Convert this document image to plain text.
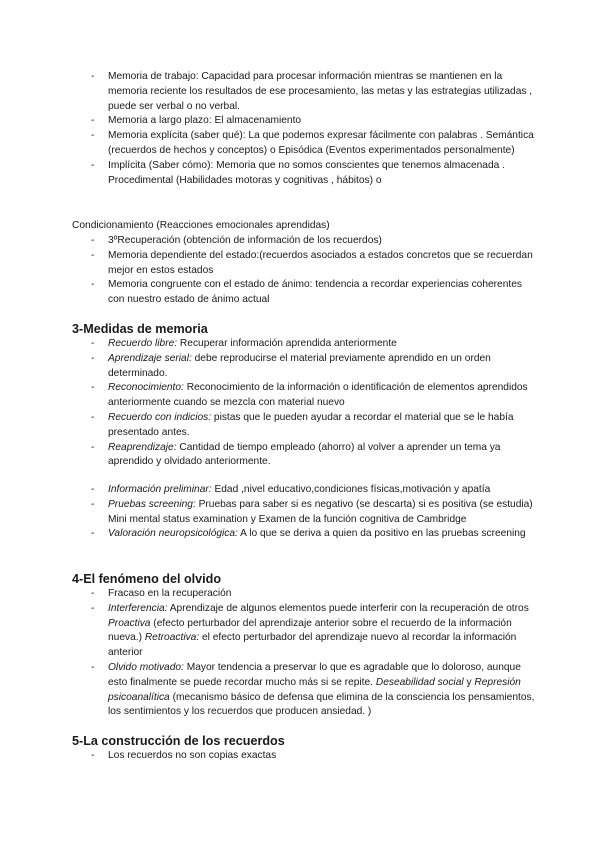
- Memoria de trabajo: Capacidad para procesar información mientras se mantienen en la memoria reciente los resultados de ese procesamiento, las metas y las estrategias utilizadas , puede ser verbal o no verbal.
- Memoria a largo plazo: El almacenamiento
- Memoria explícita (saber qué): La que podemos expresar fácilmente con palabras . Semántica (recuerdos de hechos y conceptos) o Episódica (Eventos experimentados personalmente)
- Implícita (Saber cómo): Memoria que no somos conscientes que tenemos almacenada . Procedimental (Habilidades motoras y cognitivas , hábitos) o
Condicionamiento (Reacciones emocionales aprendidas)
- 3ºRecuperación (obtención de información de los recuerdos)
- Memoria dependiente del estado:(recuerdos asociados a estados concretos que se recuerdan mejor en estos estados
- Memoria congruente con el estado de ánimo: tendencia a recordar experiencias coherentes con nuestro estado de ánimo actual
3-Medidas de memoria
- Recuerdo libre: Recuperar información aprendida anteriormente
- Aprendizaje serial: debe reproducirse el material previamente aprendido en un orden determinado.
- Reconocimiento: Reconocimiento de la información o identificación de elementos aprendidos anteriormente cuando se mezcla con material nuevo
- Recuerdo con indicios: pistas que le pueden ayudar a recordar el material que se le había presentado antes.
- Reaprendizaje: Cantidad de tiempo empleado (ahorro) al volver a aprender un tema ya aprendido y olvidado anteriormente.
- Información preliminar: Edad ,nivel educativo,condiciones físicas,motivación y apatía
- Pruebas screening: Pruebas para saber si es negativo (se descarta) si es positiva (se estudia) Mini mental status examination y Examen de la función cognitiva de Cambridge
- Valoración neuropsicológica: A lo que se deriva a quien da positivo en las pruebas screening
4-El fenómeno del olvido
- Fracaso en la recuperación
- Interferencia: Aprendizaje de algunos elementos puede interferir con la recuperación de otros Proactiva (efecto perturbador del aprendizaje anterior sobre el recuerdo de la información nueva.) Retroactiva: el efecto perturbador del aprendizaje nuevo al recordar la información anterior
- Olvido motivado: Mayor tendencia a preservar lo que es agradable que lo doloroso, aunque esto finalmente se puede recordar mucho más si se repite. Deseabilidad social y Represión psicoanalítica (mecanismo básico de defensa que elimina de la consciencia los pensamientos, los sentimientos y los recuerdos que producen ansiedad. )
5-La construcción de los recuerdos
- Los recuerdos no son copias exactas
